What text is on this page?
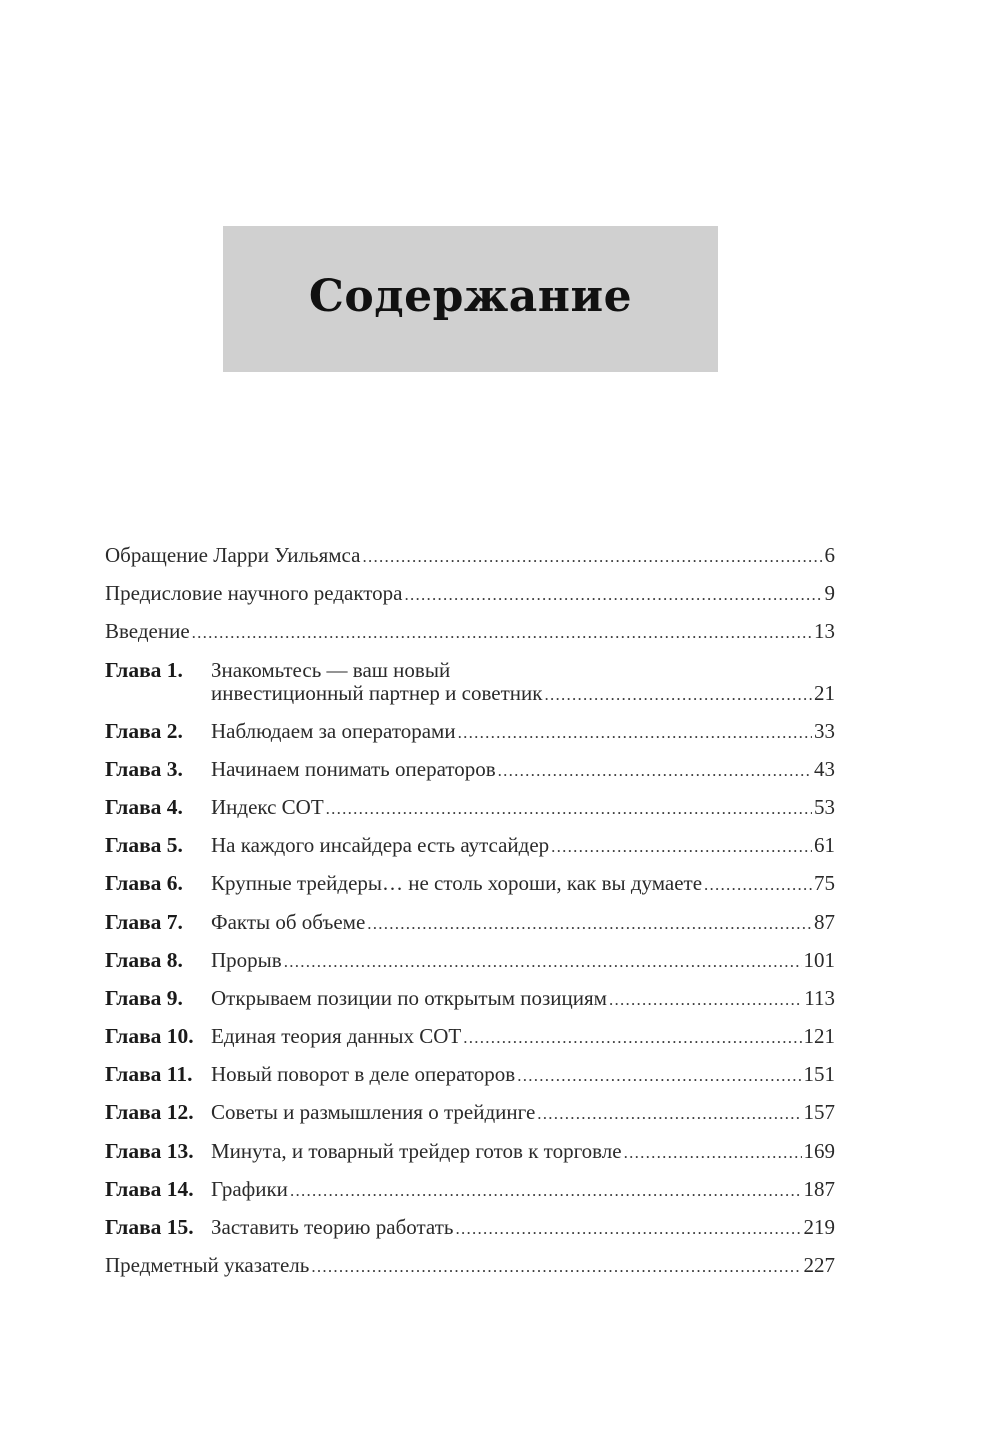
Содержание
Обращение Ларри Уильямса . . .	6
Предисловие научного редактора . . .	9
Введение . . .	13
Глава 1.	Знакомьтесь — ваш новый
инвестиционный партнер и советник . . .	21
Глава 2.	Наблюдаем за операторами . . .	33
Глава 3.	Начинаем понимать операторов . . .	43
Глава 4.	Индекс СОТ . . .	53
Глава 5.	На каждого инсайдера есть аутсайдер . . .	61
Глава 6.	Крупные трейдеры… не столь хороши, как вы думаете . . .	75
Глава 7.	Факты об объеме . . .	87
Глава 8.	Прорыв . . .	101
Глава 9.	Открываем позиции по открытым позициям . . .	113
Глава 10. Единая теория данных СОТ . . .	121
Глава 11. Новый поворот в деле операторов . . .	151
Глава 12. Советы и размышления о трейдинге . . .	157
Глава 13. Минута, и товарный трейдер готов к торговле . . .	169
Глава 14. Графики . . .	187
Глава 15. Заставить теорию работать . . .	219
Предметный указатель . . .	227
